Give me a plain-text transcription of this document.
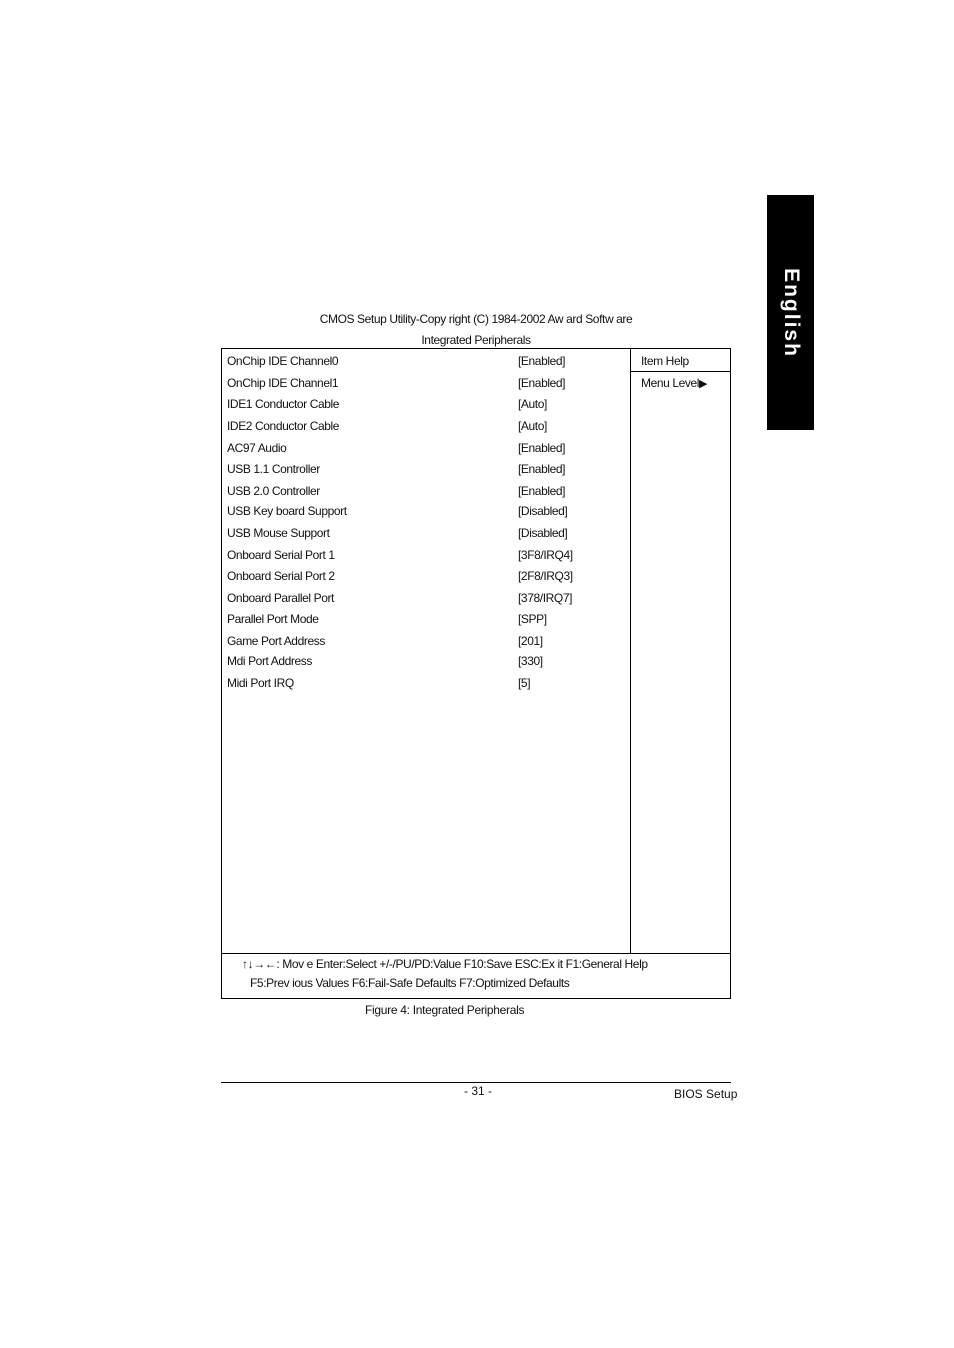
English
CMOS Setup Utility-Copy right (C) 1984-2002 Aw ard Softw are
Integrated Peripherals
OnChip IDE Channel0	[Enabled]
OnChip IDE Channel1	[Enabled]
IDE1 Conductor Cable	[Auto]
IDE2 Conductor Cable	[Auto]
AC97 Audio	[Enabled]
USB 1.1 Controller	[Enabled]
USB 2.0 Controller	[Enabled]
USB Key board Support	[Disabled]
USB Mouse Support	[Disabled]
Onboard Serial Port 1	[3F8/IRQ4]
Onboard Serial Port 2	[2F8/IRQ3]
Onboard Parallel Port	[378/IRQ7]
Parallel Port Mode	[SPP]
Game Port Address	[201]
Mdi Port Address	[330]
Midi Port IRQ	[5]
Item Help
Menu Level▶
↑↓→←: Mov e Enter:Select +/-/PU/PD:Value F10:Save ESC:Ex it F1:General Help
F5:Prev ious Values F6:Fail-Safe Defaults F7:Optimized Defaults
Figure 4: Integrated Peripherals
- 31 -	BIOS Setup
